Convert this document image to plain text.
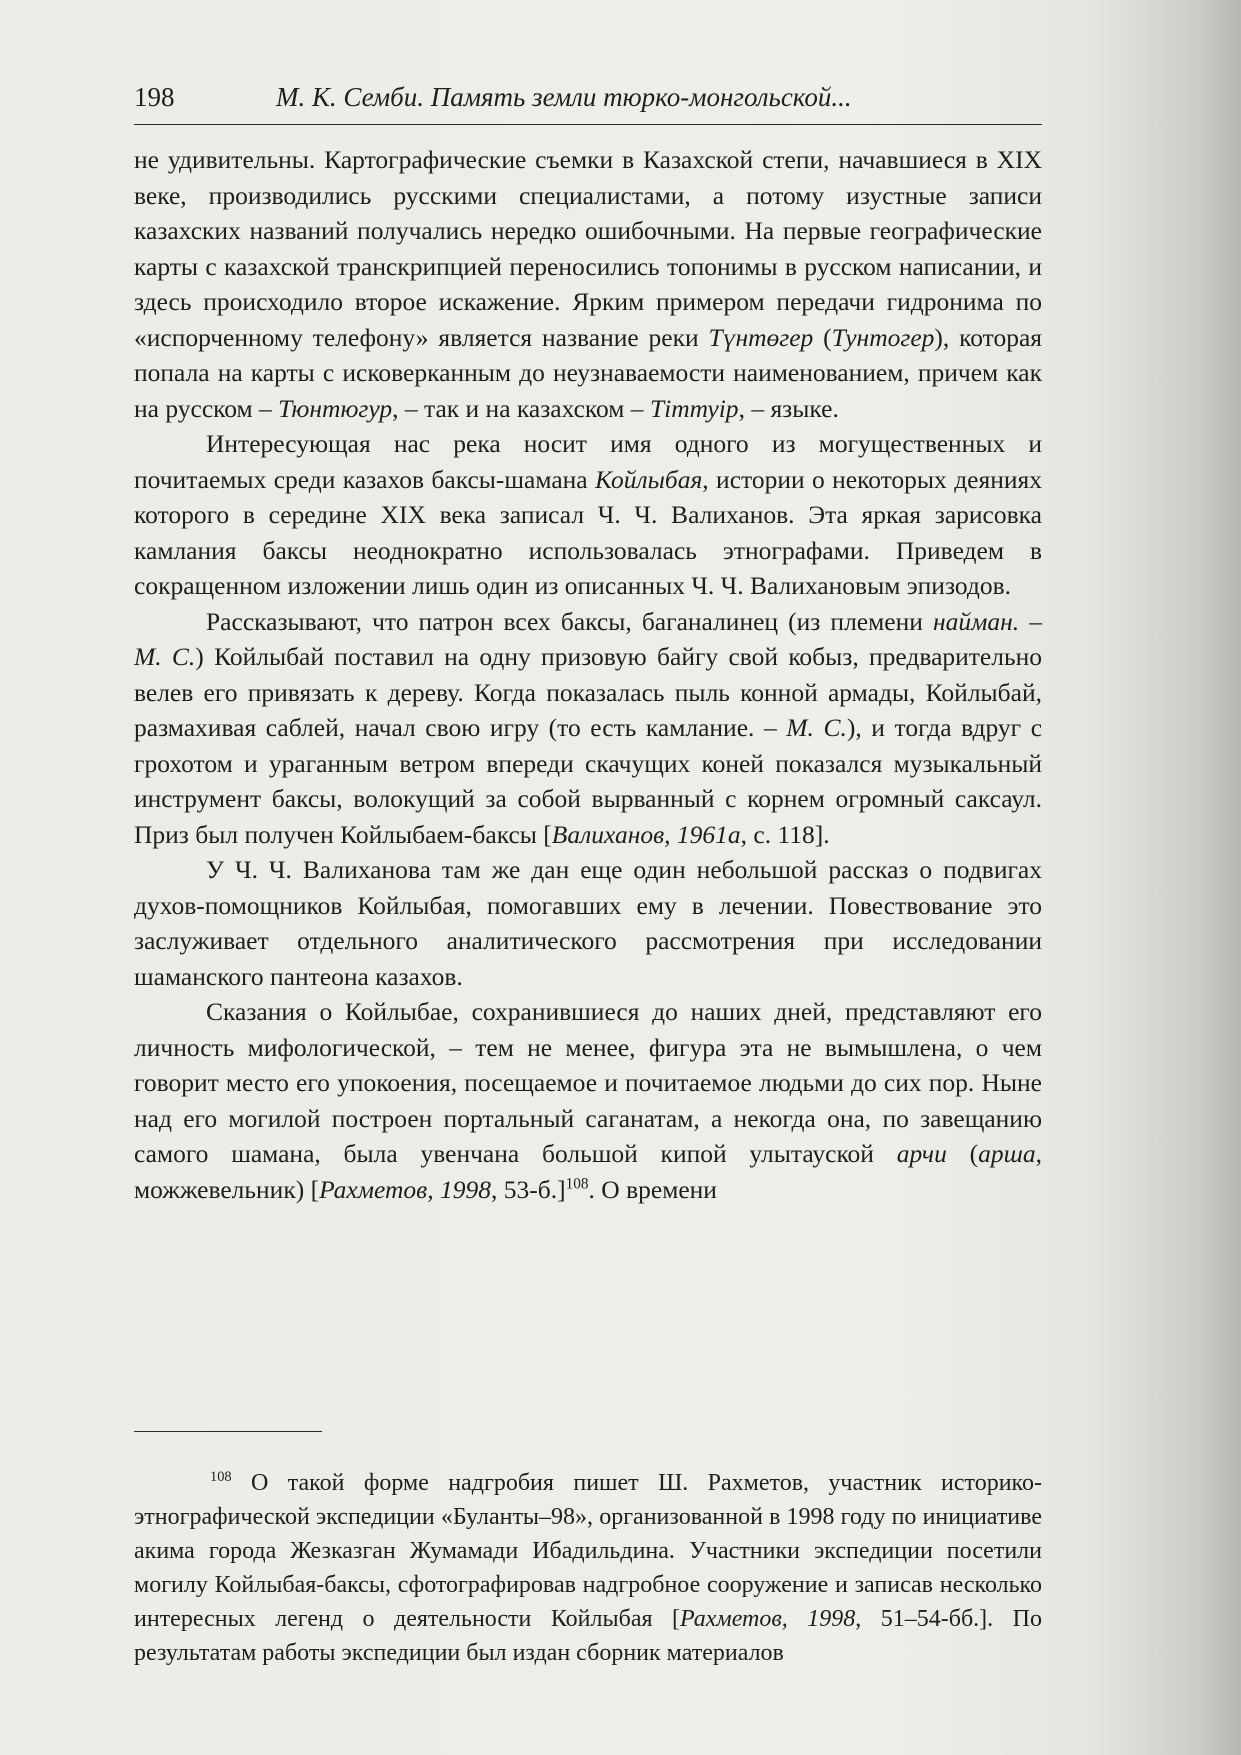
198	М. К. Семби. Память земли тюрко-монгольской...

не удивительны. Картографические съемки в Казахской степи, начавшиеся в XIX веке, производились русскими специалистами, а потому изустные записи казахских названий получались нередко ошибочными. На первые географические карты с казахской транскрипцией переносились топонимы в русском написании, и здесь происходило второе искажение. Ярким примером передачи гидронима по «испорченному телефону» является название реки Түнтөгер (Тунтогер), которая попала на карты с исковерканным до неузнаваемости наименованием, причем как на русском – Тюнтюгур, – так и на казахском – Тіттуір, – языке.

Интересующая нас река носит имя одного из могущественных и почитаемых среди казахов баксы-шамана Койлыбая, истории о некоторых деяниях которого в середине XIX века записал Ч. Ч. Валиханов. Эта яркая зарисовка камлания баксы неоднократно использовалась этнографами. Приведем в сокращенном изложении лишь один из описанных Ч. Ч. Валихановым эпизодов.

Рассказывают, что патрон всех баксы, баганалинец (из племени найман. – М. С.) Койлыбай поставил на одну призовую байгу свой кобыз, предварительно велев его привязать к дереву. Когда показалась пыль конной армады, Койлыбай, размахивая саблей, начал свою игру (то есть камлание. – М. С.), и тогда вдруг с грохотом и ураганным ветром впереди скачущих коней показался музыкальный инструмент баксы, волокущий за собой вырванный с корнем огромный саксаул. Приз был получен Койлыбаем-баксы [Валиханов, 1961а, с. 118].

У Ч. Ч. Валиханова там же дан еще один небольшой рассказ о подвигах духов-помощников Койлыбая, помогавших ему в лечении. Повествование это заслуживает отдельного аналитического рассмотрения при исследовании шаманского пантеона казахов.

Сказания о Койлыбае, сохранившиеся до наших дней, представляют его личность мифологической, – тем не менее, фигура эта не вымышлена, о чем говорит место его упокоения, посещаемое и почитаемое людьми до сих пор. Ныне над его могилой построен портальный саганатам, а некогда она, по завещанию самого шамана, была увенчана большой кипой улытауской арчи (арша, можжевельник) [Рахметов, 1998, 53-б.]$^{108}$. О времени

$^{108}$ О такой форме надгробия пишет Ш. Рахметов, участник историко-этнографической экспедиции «Буланты–98», организованной в 1998 году по инициативе акима города Жезказган Жумамади Ибадильдина. Участники экспедиции посетили могилу Койлыбая-баксы, сфотографировав надгробное сооружение и записав несколько интересных легенд о деятельности Койлыбая [Рахметов, 1998, 51–54-бб.]. По результатам работы экспедиции был издан сборник материалов
